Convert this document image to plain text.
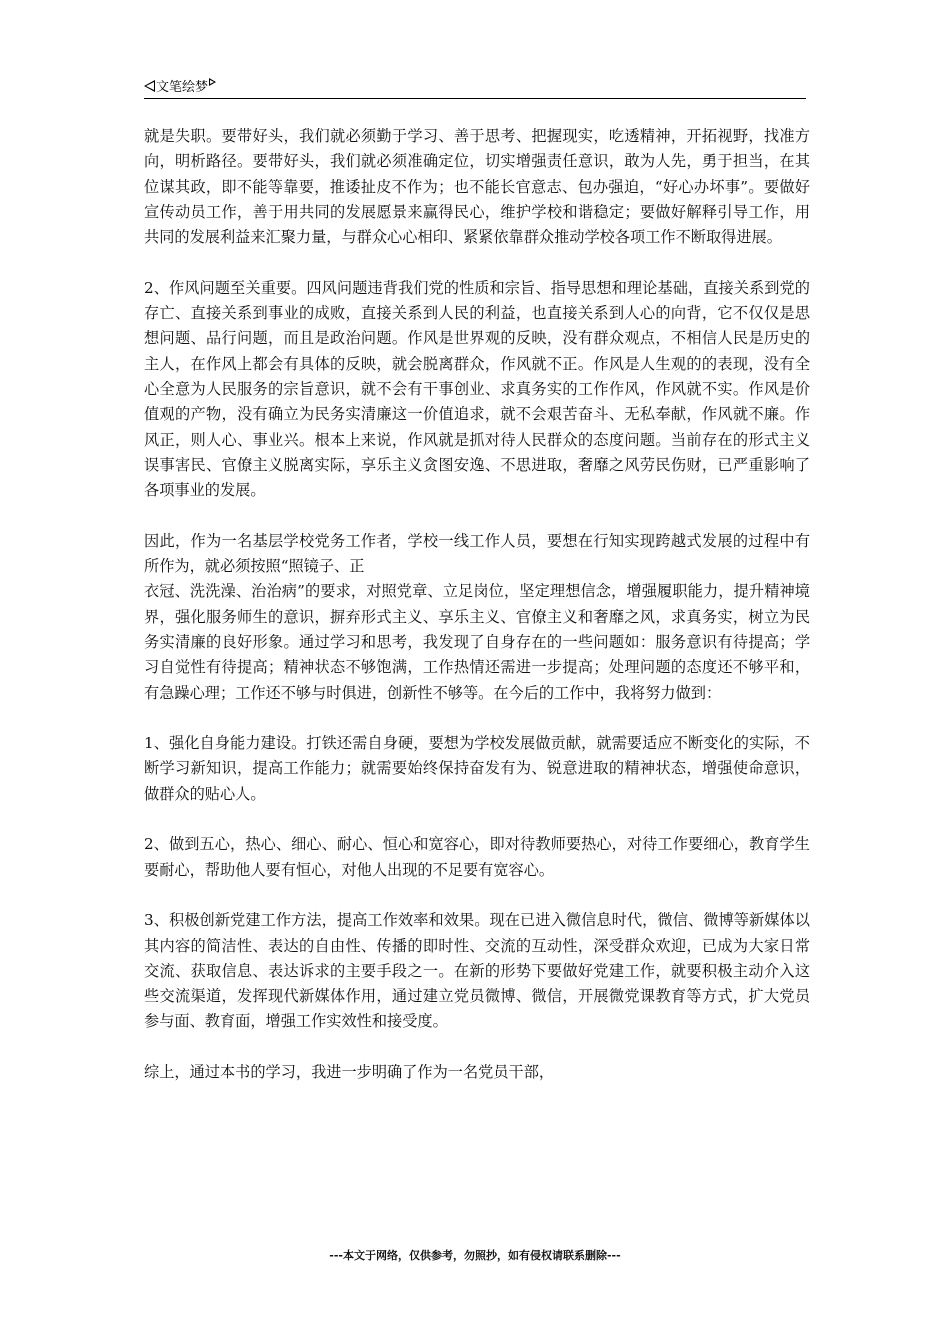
文笔绘梦

就是失职。要带好头，我们就必须勤于学习、善于思考、把握现实，吃透精神，开拓视野，找准方向，明析路径。要带好头，我们就必须准确定位，切实增强责任意识，敢为人先，勇于担当，在其位谋其政，即不能等靠要，推诿扯皮不作为；也不能长官意志、包办强迫，“好心办坏事”。要做好宣传动员工作，善于用共同的发展愿景来赢得民心，维护学校和谐稳定；要做好解释引导工作，用共同的发展利益来汇聚力量，与群众心心相印、紧紧依靠群众推动学校各项工作不断取得进展。

2、作风问题至关重要。四风问题违背我们党的性质和宗旨、指导思想和理论基础，直接关系到党的存亡、直接关系到事业的成败，直接关系到人民的利益，也直接关系到人心的向背，它不仅仅是思想问题、品行问题，而且是政治问题。作风是世界观的反映，没有群众观点，不相信人民是历史的主人，在作风上都会有具体的反映，就会脱离群众，作风就不正。作风是人生观的的表现，没有全心全意为人民服务的宗旨意识，就不会有干事创业、求真务实的工作作风，作风就不实。作风是价值观的产物，没有确立为民务实清廉这一价值追求，就不会艰苦奋斗、无私奉献，作风就不廉。作风正，则人心、事业兴。根本上来说，作风就是抓对待人民群众的态度问题。当前存在的形式主义误事害民、官僚主义脱离实际，享乐主义贪图安逸、不思进取，奢靡之风劳民伤财，已严重影响了各项事业的发展。

因此，作为一名基层学校党务工作者，学校一线工作人员，要想在行知实现跨越式发展的过程中有所作为，就必须按照“照镜子、正

衣冠、洗洗澡、治治病”的要求，对照党章、立足岗位，坚定理想信念，增强履职能力，提升精神境界，强化服务师生的意识，摒弃形式主义、享乐主义、官僚主义和奢靡之风，求真务实，树立为民务实清廉的良好形象。通过学习和思考，我发现了自身存在的一些问题如：服务意识有待提高；学习自觉性有待提高；精神状态不够饱满，工作热情还需进一步提高；处理问题的态度还不够平和，有急躁心理；工作还不够与时俱进，创新性不够等。在今后的工作中，我将努力做到：

1、强化自身能力建设。打铁还需自身硬，要想为学校发展做贡献，就需要适应不断变化的实际，不断学习新知识，提高工作能力；就需要始终保持奋发有为、锐意进取的精神状态，增强使命意识，做群众的贴心人。

2、做到五心，热心、细心、耐心、恒心和宽容心，即对待教师要热心，对待工作要细心，教育学生要耐心，帮助他人要有恒心，对他人出现的不足要有宽容心。

3、积极创新党建工作方法，提高工作效率和效果。现在已进入微信息时代，微信、微博等新媒体以其内容的简洁性、表达的自由性、传播的即时性、交流的互动性，深受群众欢迎，已成为大家日常交流、获取信息、表达诉求的主要手段之一。在新的形势下要做好党建工作，就要积极主动介入这些交流渠道，发挥现代新媒体作用，通过建立党员微博、微信，开展微党课教育等方式，扩大党员参与面、教育面，增强工作实效性和接受度。

综上，通过本书的学习，我进一步明确了作为一名党员干部，

---本文于网络，仅供参考，勿照抄，如有侵权请联系删除---
